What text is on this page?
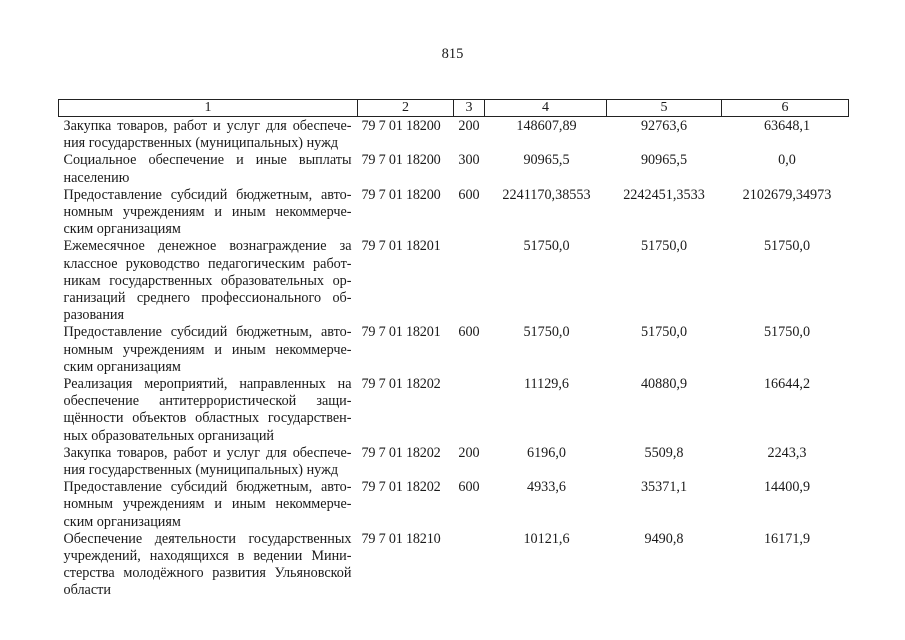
815
1	2	3	4	5	6
Закупка товаров, работ и услуг для обеспечения государственных (муниципальных) нужд	79 7 01 18200	200	148607,89	92763,6	63648,1
Социальное обеспечение и иные выплаты населению	79 7 01 18200	300	90965,5	90965,5	0,0
Предоставление субсидий бюджетным, автономным учреждениям и иным некоммерческим организациям	79 7 01 18200	600	2241170,38553	2242451,3533	2102679,34973
Ежемесячное денежное вознаграждение за классное руководство педагогическим работникам государственных образовательных организаций среднего профессионального образования	79 7 01 18201		51750,0	51750,0	51750,0
Предоставление субсидий бюджетным, автономным учреждениям и иным некоммерческим организациям	79 7 01 18201	600	51750,0	51750,0	51750,0
Реализация мероприятий, направленных на обеспечение антитеррористической защищённости объектов областных государственных образовательных организаций	79 7 01 18202		11129,6	40880,9	16644,2
Закупка товаров, работ и услуг для обеспечения государственных (муниципальных) нужд	79 7 01 18202	200	6196,0	5509,8	2243,3
Предоставление субсидий бюджетным, автономным учреждениям и иным некоммерческим организациям	79 7 01 18202	600	4933,6	35371,1	14400,9
Обеспечение деятельности государственных учреждений, находящихся в ведении Министерства молодёжного развития Ульяновской области	79 7 01 18210		10121,6	9490,8	16171,9
